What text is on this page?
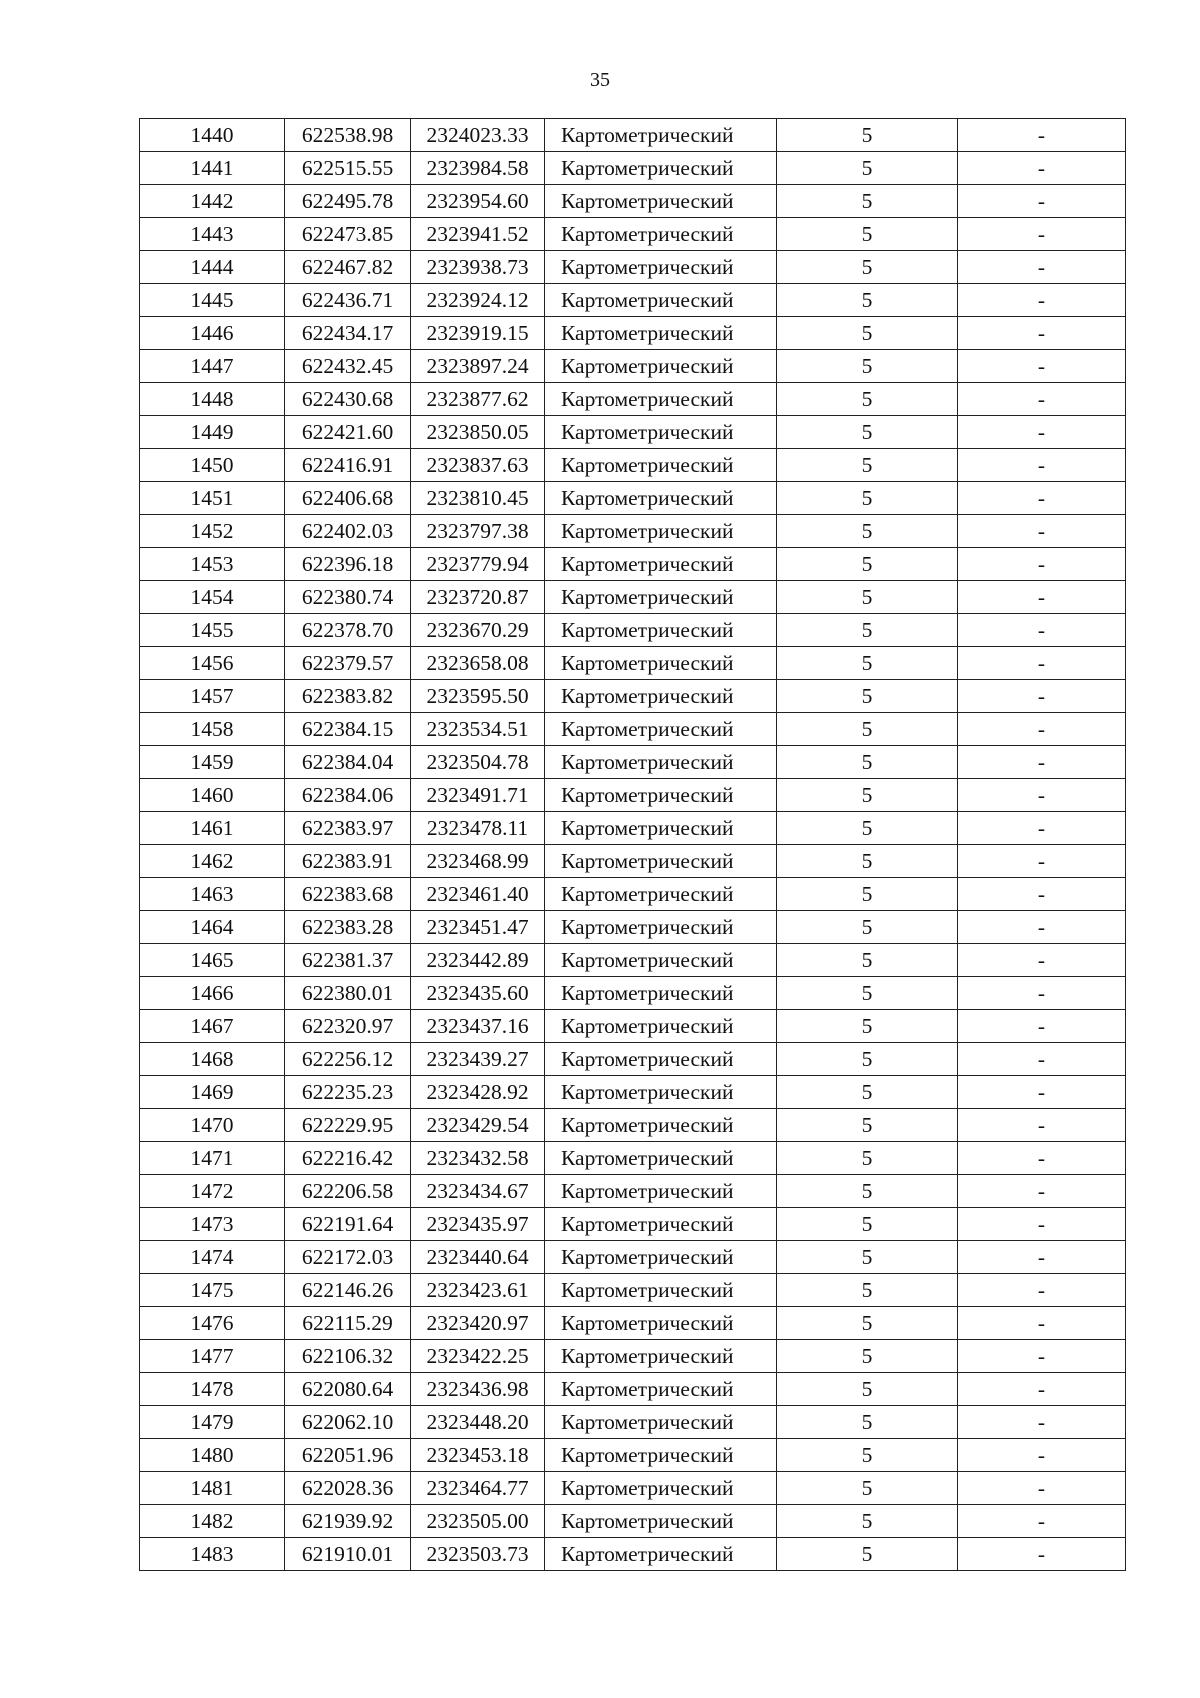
35
1440	622538.98	2324023.33	Картометрический	5	-
1441	622515.55	2323984.58	Картометрический	5	-
1442	622495.78	2323954.60	Картометрический	5	-
1443	622473.85	2323941.52	Картометрический	5	-
1444	622467.82	2323938.73	Картометрический	5	-
1445	622436.71	2323924.12	Картометрический	5	-
1446	622434.17	2323919.15	Картометрический	5	-
1447	622432.45	2323897.24	Картометрический	5	-
1448	622430.68	2323877.62	Картометрический	5	-
1449	622421.60	2323850.05	Картометрический	5	-
1450	622416.91	2323837.63	Картометрический	5	-
1451	622406.68	2323810.45	Картометрический	5	-
1452	622402.03	2323797.38	Картометрический	5	-
1453	622396.18	2323779.94	Картометрический	5	-
1454	622380.74	2323720.87	Картометрический	5	-
1455	622378.70	2323670.29	Картометрический	5	-
1456	622379.57	2323658.08	Картометрический	5	-
1457	622383.82	2323595.50	Картометрический	5	-
1458	622384.15	2323534.51	Картометрический	5	-
1459	622384.04	2323504.78	Картометрический	5	-
1460	622384.06	2323491.71	Картометрический	5	-
1461	622383.97	2323478.11	Картометрический	5	-
1462	622383.91	2323468.99	Картометрический	5	-
1463	622383.68	2323461.40	Картометрический	5	-
1464	622383.28	2323451.47	Картометрический	5	-
1465	622381.37	2323442.89	Картометрический	5	-
1466	622380.01	2323435.60	Картометрический	5	-
1467	622320.97	2323437.16	Картометрический	5	-
1468	622256.12	2323439.27	Картометрический	5	-
1469	622235.23	2323428.92	Картометрический	5	-
1470	622229.95	2323429.54	Картометрический	5	-
1471	622216.42	2323432.58	Картометрический	5	-
1472	622206.58	2323434.67	Картометрический	5	-
1473	622191.64	2323435.97	Картометрический	5	-
1474	622172.03	2323440.64	Картометрический	5	-
1475	622146.26	2323423.61	Картометрический	5	-
1476	622115.29	2323420.97	Картометрический	5	-
1477	622106.32	2323422.25	Картометрический	5	-
1478	622080.64	2323436.98	Картометрический	5	-
1479	622062.10	2323448.20	Картометрический	5	-
1480	622051.96	2323453.18	Картометрический	5	-
1481	622028.36	2323464.77	Картометрический	5	-
1482	621939.92	2323505.00	Картометрический	5	-
1483	621910.01	2323503.73	Картометрический	5	-
